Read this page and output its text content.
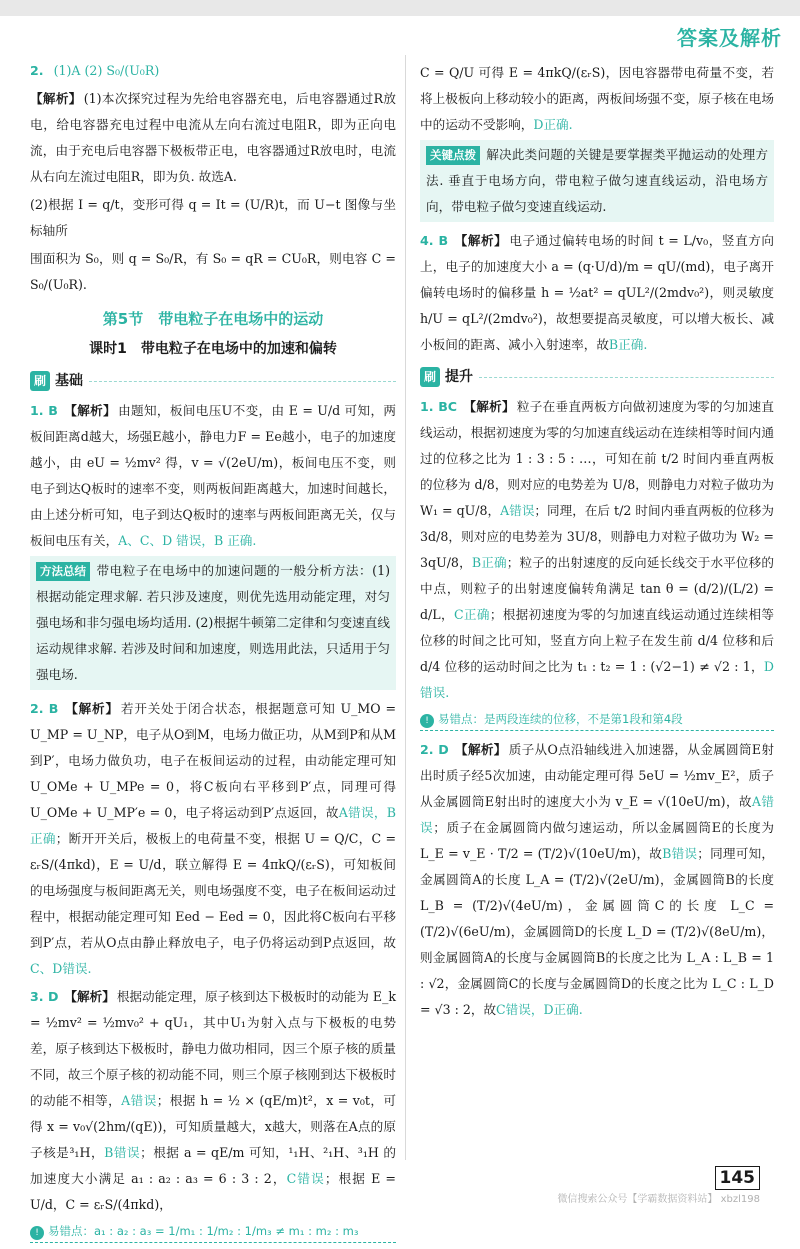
答案及解析

2. (1)A (2) S₀/(U₀R)

【解析】 (1)本次探究过程为先给电容器充电，后电容器通过R放电，给电容器充电过程中电流从左向右流过电阻R，即为正向电流，由于充电后电容器下极板带正电，电容器通过R放电时，电流从右向左流过电阻R，即为负. 故选A.

(2)根据 I = q/t，变形可得 q = It = (U/R)t，而 U−t 图像与坐标轴所

围面积为 S₀，则 q = S₀/R，有 S₀ = qR = CU₀R，则电容 C = S₀/(U₀R).

第5节　带电粒子在电场中的运动
课时1　带电粒子在电场中的加速和偏转
刷 基础

1. B 【解析】 由题知，板间电压U不变，由 E = U/d 可知，两板间距离d越大，场强E越小，静电力F = Ee越小，电子的加速度越小，由 eU = ½mv² 得，v = √(2eU/m)，板间电压不变，则电子到达Q板时的速率不变，则两板间距离越大，加速时间越长，由上述分析可知，电子到达Q板时的速率与两板间距离无关，仅与板间电压有关，A、C、D 错误，B 正确.

方法总结 带电粒子在电场中的加速问题的一般分析方法：(1)根据动能定理求解. 若只涉及速度，则优先选用动能定理，对匀强电场和非匀强电场均适用. (2)根据牛顿第二定律和匀变速直线运动规律求解. 若涉及时间和加速度，则选用此法，只适用于匀强电场.

2. B 【解析】 若开关处于闭合状态，根据题意可知 U_MO = U_MP = U_NP，电子从O到M，电场力做正功，从M到P和从M到P′，电场力做负功，电子在板间运动的过程，由动能定理可知 U_OMe + U_MPe = 0，将C板向右平移到P′点，同理可得 U_OMe + U_MP′e = 0，电子将运动到P′点返回，故A错误，B正确；断开开关后，极板上的电荷量不变，根据 U = Q/C，C = εᵣS/(4πkd)，E = U/d，联立解得 E = 4πkQ/(εᵣS)，可知板间的电场强度与板间距离无关，则电场强度不变，电子在板间运动过程中，根据动能定理可知 Eed − Eed = 0，因此将C板向右平移到P′点，若从O点由静止释放电子，电子仍将运动到P点返回，故C、D错误.

3. D 【解析】 根据动能定理，原子核到达下极板时的动能为 E_k = ½mv² = ½mv₀² + qU₁，其中U₁为射入点与下极板的电势差，原子核到达下极板时，静电力做功相同，因三个原子核的质量不同，故三个原子核的初动能不同，则三个原子核刚到达下极板时的动能不相等，A错误；根据 h = ½ × (qE/m)t²，x = v₀t，可得 x = v₀√(2hm/(qE))，可知质量越大，x越大，则落在A点的原子核是³₁H，B错误；根据 a = qE/m 可知，¹₁H、²₁H、³₁H 的加速度大小满足 a₁ : a₂ : a₃ = 6 : 3 : 2，C错误；根据 E = U/d，C = εᵣS/(4πkd)，

! 易错点：a₁ : a₂ : a₃ = 1/m₁ : 1/m₂ : 1/m₃ ≠ m₁ : m₂ : m₃

C = Q/U 可得 E = 4πkQ/(εᵣS)，因电容器带电荷量不变，若将上极板向上移动较小的距离，两板间场强不变，原子核在电场中的运动不受影响，D正确.

关键点拨 解决此类问题的关键是要掌握类平抛运动的处理方法. 垂直于电场方向，带电粒子做匀速直线运动，沿电场方向，带电粒子做匀变速直线运动.

4. B 【解析】 电子通过偏转电场的时间 t = L/v₀，竖直方向上，电子的加速度大小 a = (q·U/d)/m = qU/(md)，电子离开偏转电场时的偏移量 h = ½at² = qUL²/(2mdv₀²)，则灵敏度 h/U = qL²/(2mdv₀²)，故想要提高灵敏度，可以增大板长、减小板间的距离、减小入射速率，故B正确.

刷 提升

1. BC 【解析】 粒子在垂直两板方向做初速度为零的匀加速直线运动，根据初速度为零的匀加速直线运动在连续相等时间内通过的位移之比为 1 : 3 : 5 : …，可知在前 t/2 时间内垂直两板的位移为 d/8，则对应的电势差为 U/8，则静电力对粒子做功为 W₁ = qU/8，A错误；同理，在后 t/2 时间内垂直两板的位移为 3d/8，则对应的电势差为 3U/8，则静电力对粒子做功为 W₂ = 3qU/8，B正确；粒子的出射速度的反向延长线交于水平位移的中点，则粒子的出射速度偏转角满足 tan θ = (d/2)/(L/2) = d/L，C正确；根据初速度为零的匀加速直线运动通过连续相等位移的时间之比可知，竖直方向上粒子在发生前 d/4 位移和后 d/4 位移的运动时间之比为 t₁ : t₂ = 1 : (√2−1) ≠ √2 : 1，D错误.

! 易错点：是两段连续的位移，不是第1段和第4段

2. D 【解析】 质子从O点沿轴线进入加速器，从金属圆筒E射出时质子经5次加速，由动能定理可得 5eU = ½mv_E²，质子从金属圆筒E射出时的速度大小为 v_E = √(10eU/m)，故A错误；质子在金属圆筒内做匀速运动，所以金属圆筒E的长度为 L_E = v_E · T/2 = (T/2)√(10eU/m)，故B错误；同理可知，金属圆筒A的长度 L_A = (T/2)√(2eU/m)，金属圆筒B的长度 L_B = (T/2)√(4eU/m)，金属圆筒C的长度 L_C = (T/2)√(6eU/m)，金属圆筒D的长度 L_D = (T/2)√(8eU/m)，则金属圆筒A的长度与金属圆筒B的长度之比为 L_A : L_B = 1 : √2，金属圆筒C的长度与金属圆筒D的长度之比为 L_C : L_D = √3 : 2，故C错误，D正确.

145
微信搜索公众号【学霸数据资料站】 xbzl198
